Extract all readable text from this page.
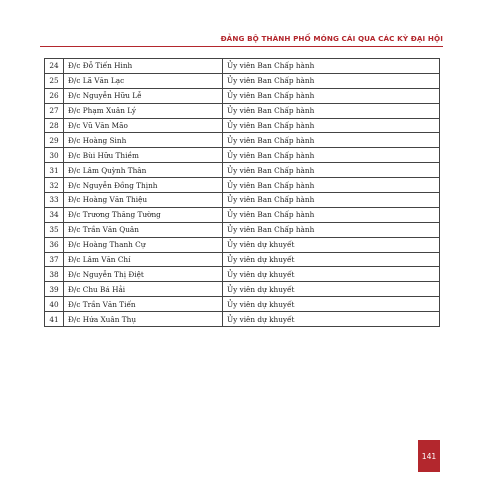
ĐẢNG BỘ THÀNH PHỐ MÓNG CÁI QUA CÁC KỲ ĐẠI HỘI
24	Đ/c Đỗ Tiến Hinh	Ủy viên Ban Chấp hành
25	Đ/c Lã Văn Lạc	Ủy viên Ban Chấp hành
26	Đ/c Nguyễn Hữu Lễ	Ủy viên Ban Chấp hành
27	Đ/c Phạm Xuân Lý	Ủy viên Ban Chấp hành
28	Đ/c Vũ Văn Mão	Ủy viên Ban Chấp hành
29	Đ/c Hoàng Sinh	Ủy viên Ban Chấp hành
30	Đ/c Bùi Hữu Thiềm	Ủy viên Ban Chấp hành
31	Đ/c Lâm Quỳnh Thân	Ủy viên Ban Chấp hành
32	Đ/c Nguyễn Đồng Thịnh	Ủy viên Ban Chấp hành
33	Đ/c Hoàng Văn Thiệu	Ủy viên Ban Chấp hành
34	Đ/c Trương Thăng Tường	Ủy viên Ban Chấp hành
35	Đ/c Trần Văn Quân	Ủy viên Ban Chấp hành
36	Đ/c Hoàng Thanh Cự	Ủy viên dự khuyết
37	Đ/c Lâm Văn Chí	Ủy viên dự khuyết
38	Đ/c Nguyễn Thị Điệt	Ủy viên dự khuyết
39	Đ/c Chu Bá Hải	Ủy viên dự khuyết
40	Đ/c Trần Văn Tiến	Ủy viên dự khuyết
41	Đ/c Hứa Xuân Thụ	Ủy viên dự khuyết
141
